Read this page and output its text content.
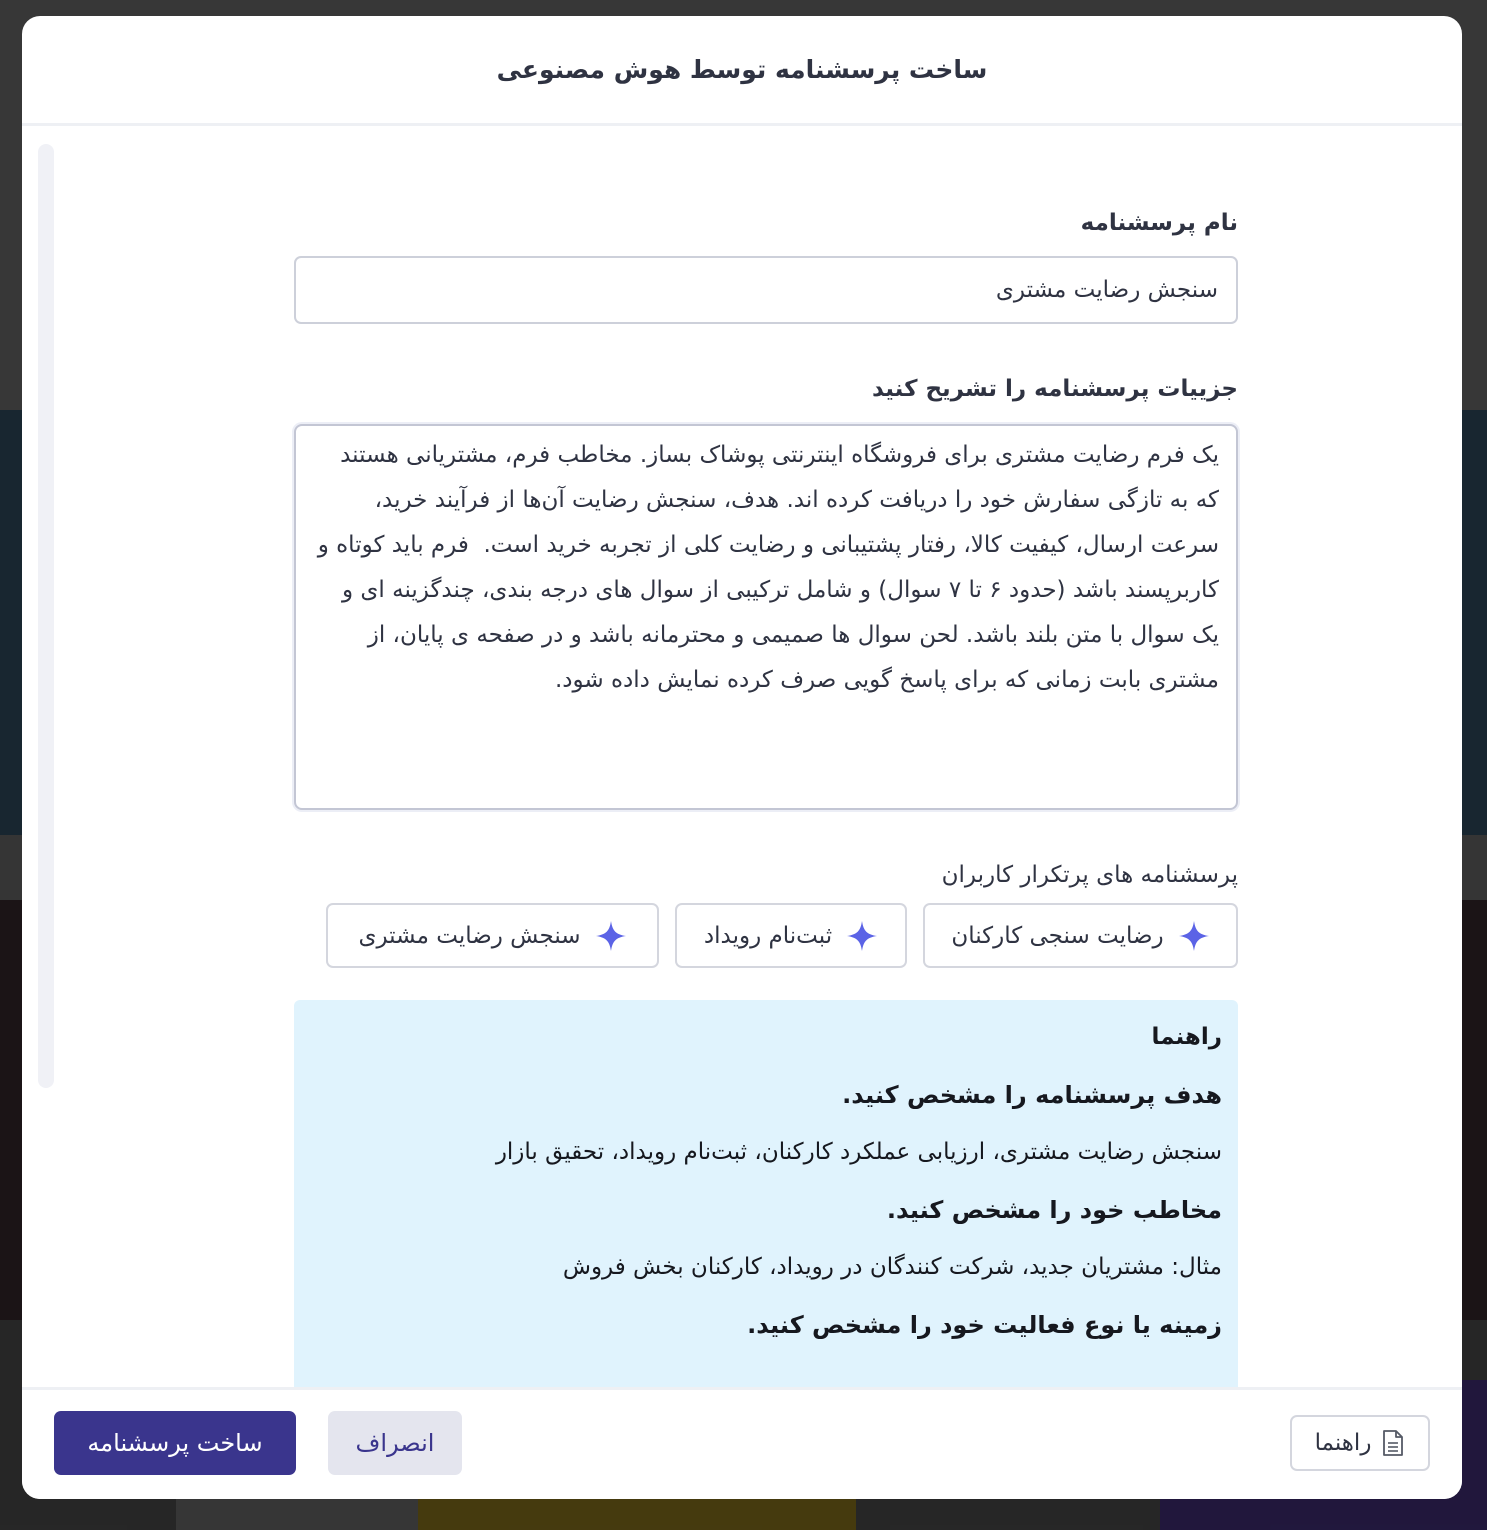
ساخت پرسشنامه توسط هوش مصنوعی
نام پرسشنامه
سنجش رضایت مشتری
جزییات پرسشنامه را تشریح کنید
یک فرم رضایت مشتری برای فروشگاه اینترنتی پوشاک بساز. مخاطب فرم، مشتریانی هستند که به تازگی سفارش خود را دریافت کرده اند. هدف، سنجش رضایت آن‌ها از فرآیند خرید، سرعت ارسال، کیفیت کالا، رفتار پشتیبانی و رضایت کلی از تجربه خرید است. فرم باید کوتاه و کاربرپسند باشد (حدود ۶ تا ۷ سوال) و شامل ترکیبی از سوال های درجه بندی، چندگزینه ای و یک سوال با متن بلند باشد. لحن سوال ها صمیمی و محترمانه باشد و در صفحه ی پایان، از مشتری بابت زمانی که برای پاسخ گویی صرف کرده نمایش داده شود.
پرسشنامه های پرتکرار کاربران
رضایت سنجی کارکنان
ثبت‌نام رویداد
سنجش رضایت مشتری
راهنما
هدف پرسشنامه را مشخص کنید.
سنجش رضایت مشتری، ارزیابی عملکرد کارکنان، ثبت‌نام رویداد، تحقیق بازار
مخاطب خود را مشخص کنید.
مثال: مشتریان جدید، شرکت کنندگان در رویداد، کارکنان بخش فروش
زمینه یا نوع فعالیت خود را مشخص کنید.
ساخت پرسشنامه	انصراف	راهنما
